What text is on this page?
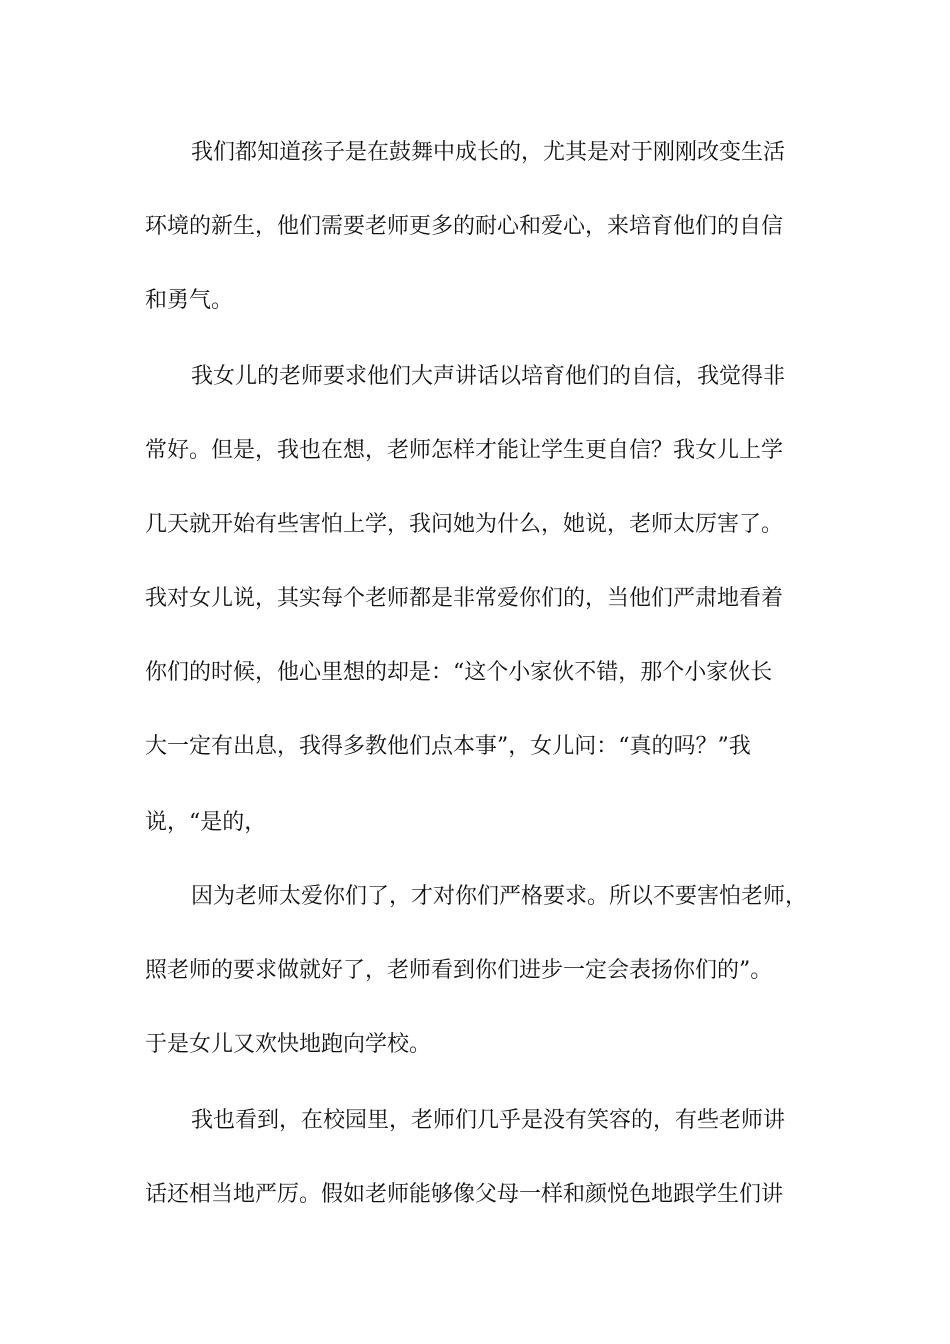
我们都知道孩子是在鼓舞中成长的，尤其是对于刚刚改变生活
环境的新生，他们需要老师更多的耐心和爱心，来培育他们的自信
和勇气。
我女儿的老师要求他们大声讲话以培育他们的自信，我觉得非
常好。但是，我也在想，老师怎样才能让学生更自信？我女儿上学
几天就开始有些害怕上学，我问她为什么，她说，老师太厉害了。
我对女儿说，其实每个老师都是非常爱你们的，当他们严肃地看着
你们的时候，他心里想的却是：“这个小家伙不错，那个小家伙长
大一定有出息，我得多教他们点本事”，女儿问：“真的吗？”我
说，“是的，
因为老师太爱你们了，才对你们严格要求。所以不要害怕老师，
照老师的要求做就好了，老师看到你们进步一定会表扬你们的”。
于是女儿又欢快地跑向学校。
我也看到，在校园里，老师们几乎是没有笑容的，有些老师讲
话还相当地严厉。假如老师能够像父母一样和颜悦色地跟学生们讲
